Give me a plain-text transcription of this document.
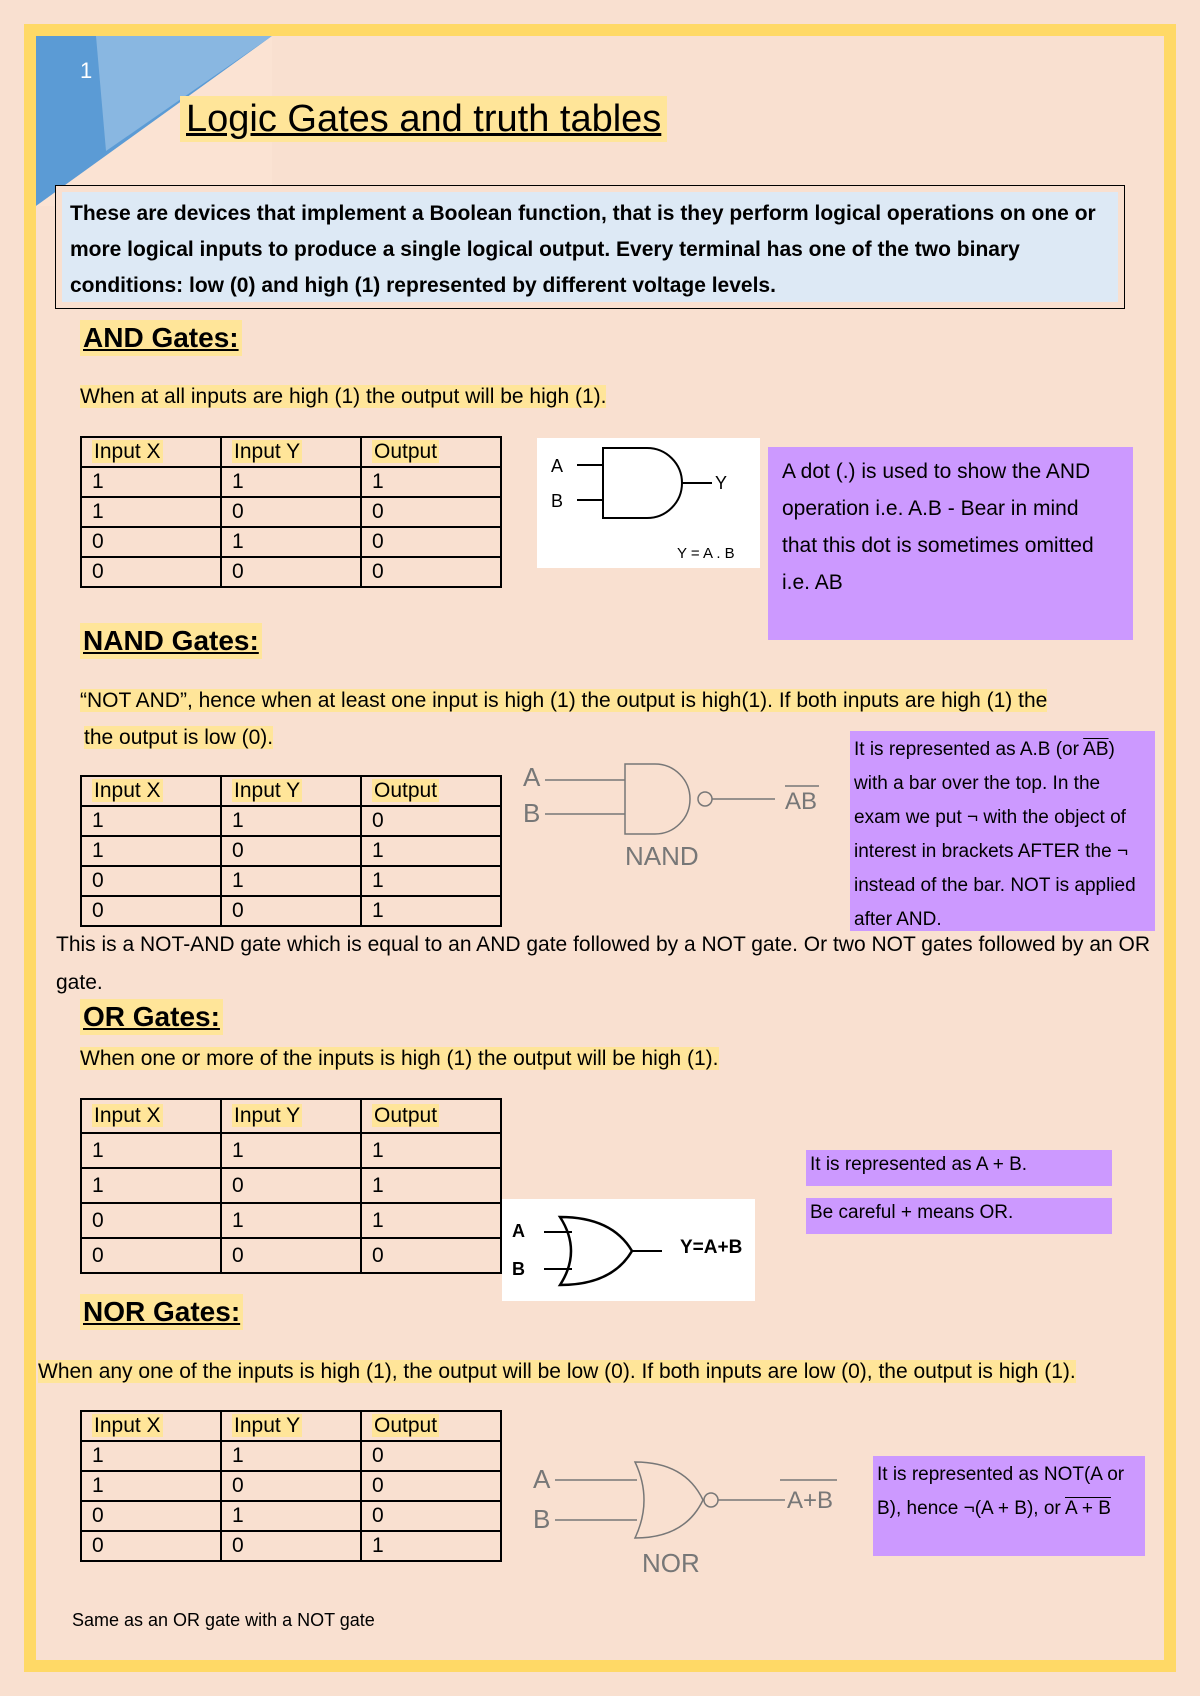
1
Logic Gates and truth tables
These are devices that implement a Boolean function, that is they perform logical operations on one or more logical inputs to produce a single logical output. Every terminal has one of the two binary conditions: low (0) and high (1) represented by different voltage levels.
AND Gates:
When at all inputs are high (1) the output will be high (1).
Input X	Input Y	Output
1	1	1
1	0	0
0	1	0
0	0	0
A
B
Y
Y = A . B
A dot (.) is used to show the AND operation i.e. A.B - Bear in mind that this dot is sometimes omitted i.e. AB
NAND Gates:
“NOT AND”, hence when at least one input is high (1) the output is high(1). If both inputs are high (1) the
the output is low (0).
Input X	Input Y	Output
1	1	0
1	0	1
0	1	1
0	0	1
A
B	AB
NAND
It is represented as A.B (or $\overline{AB}$) with a bar over the top. In the exam we put ¬ with the object of interest in brackets AFTER the ¬ instead of the bar. NOT is applied after AND.
This is a NOT-AND gate which is equal to an AND gate followed by a NOT gate. Or two NOT gates followed by an OR gate.
OR Gates:
When one or more of the inputs is high (1) the output will be high (1).
Input X	Input Y	Output
1	1	1
1	0	1
0	1	1
0	0	0
A
B
Y=A+B
It is represented as A + B.
Be careful + means OR.
NOR Gates:
When any one of the inputs is high (1), the output will be low (0). If both inputs are low (0), the output is high (1).
Input X	Input Y	Output
1	1	0
1	0	0
0	1	0
0	0	1
A
B
A+B
NOR
It is represented as NOT(A or B), hence ¬(A + B), or A + B
Same as an OR gate with a NOT gate
